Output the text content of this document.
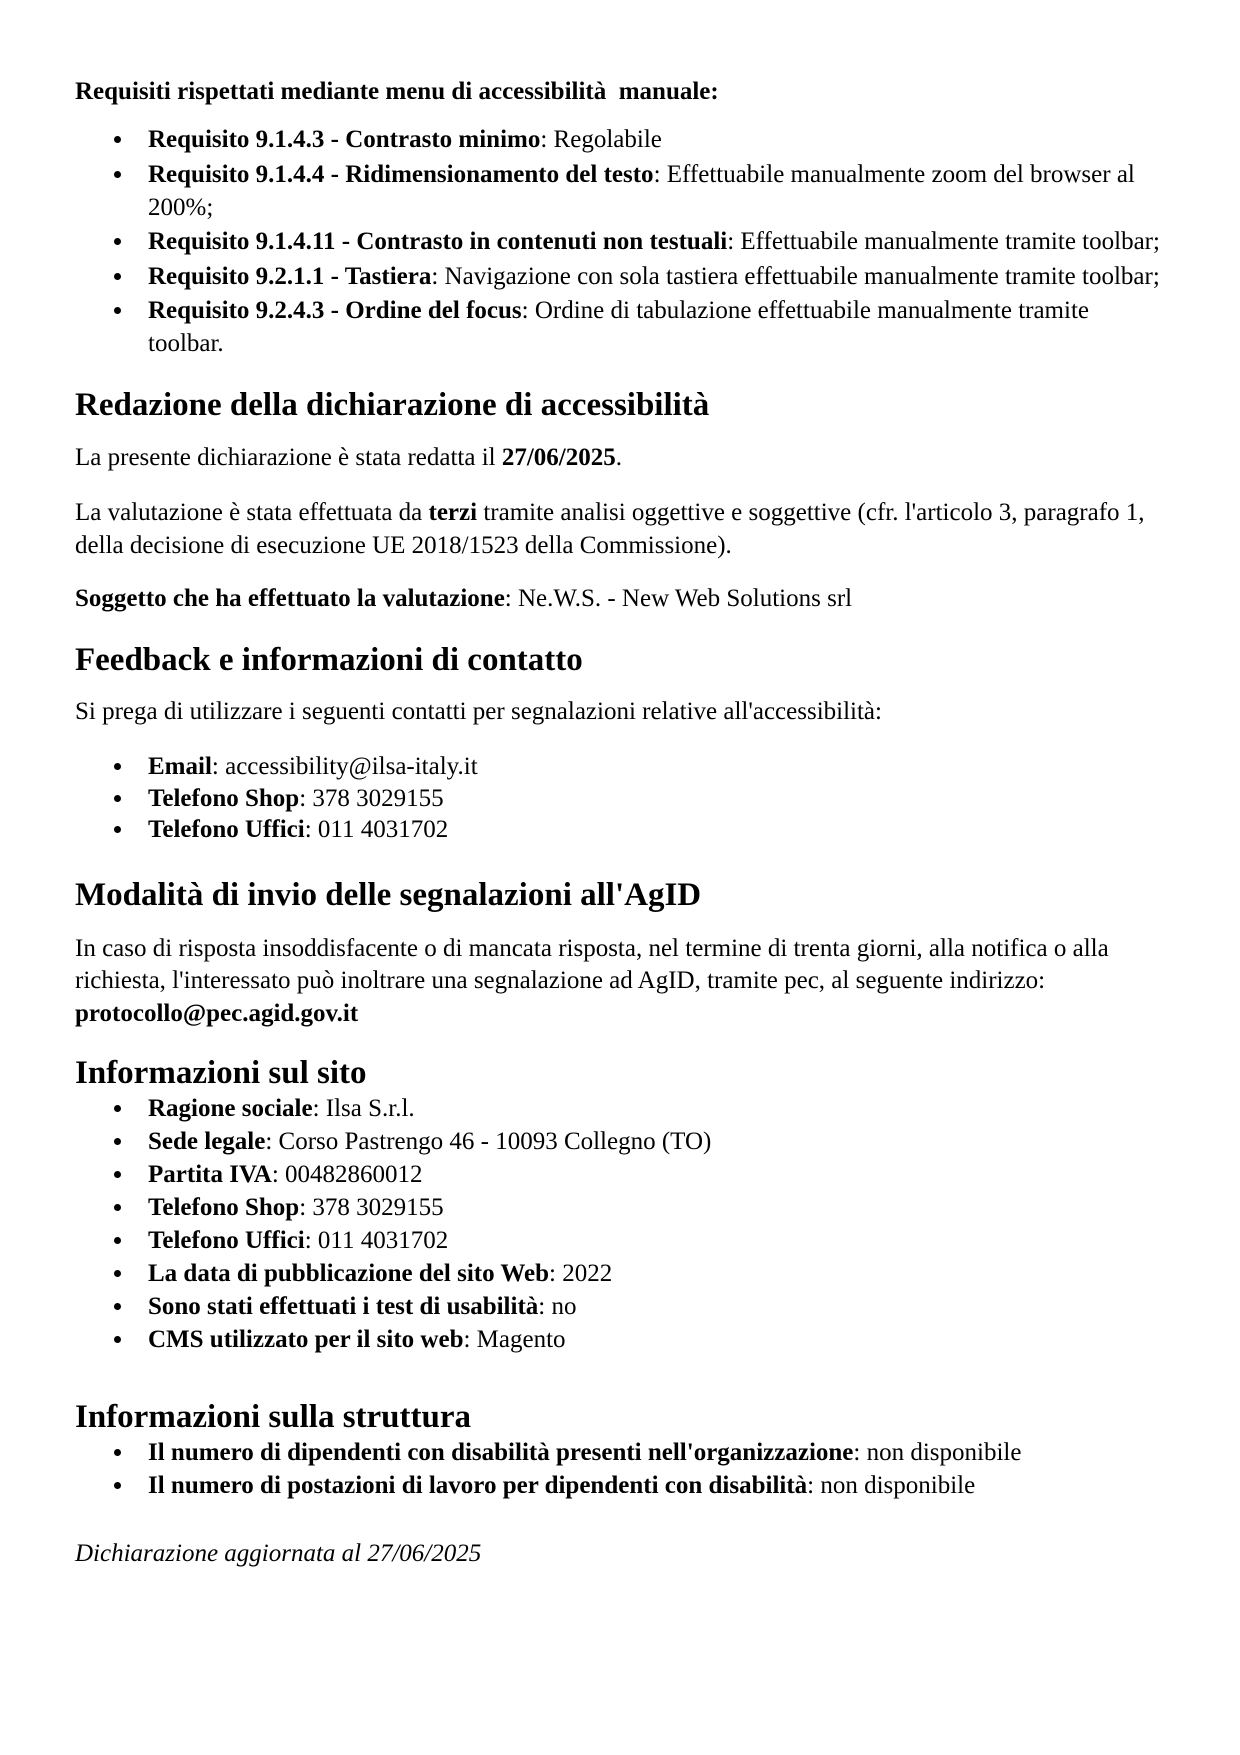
Requisiti rispettati mediante menu di accessibilità  manuale:

Requisito 9.1.4.3 - Contrasto minimo: Regolabile
Requisito 9.1.4.4 - Ridimensionamento del testo: Effettuabile manualmente zoom del browser al 200%;
Requisito 9.1.4.11 - Contrasto in contenuti non testuali: Effettuabile manualmente tramite toolbar;
Requisito 9.2.1.1 - Tastiera: Navigazione con sola tastiera effettuabile manualmente tramite toolbar;
Requisito 9.2.4.3 - Ordine del focus: Ordine di tabulazione effettuabile manualmente tramite toolbar.
Redazione della dichiarazione di accessibilità

La presente dichiarazione è stata redatta il 27/06/2025.

La valutazione è stata effettuata da terzi tramite analisi oggettive e soggettive (cfr. l'articolo 3, paragrafo 1, della decisione di esecuzione UE 2018/1523 della Commissione).

Soggetto che ha effettuato la valutazione: Ne.W.S. - New Web Solutions srl

Feedback e informazioni di contatto

Si prega di utilizzare i seguenti contatti per segnalazioni relative all'accessibilità:

Email: accessibility@ilsa-italy.it
Telefono Shop: 378 3029155
Telefono Uffici: 011 4031702
Modalità di invio delle segnalazioni all'AgID

In caso di risposta insoddisfacente o di mancata risposta, nel termine di trenta giorni, alla notifica o alla richiesta, l'interessato può inoltrare una segnalazione ad AgID, tramite pec, al seguente indirizzo: protocollo@pec.agid.gov.it

Informazioni sul sito
Ragione sociale: Ilsa S.r.l.
Sede legale: Corso Pastrengo 46 - 10093 Collegno (TO)
Partita IVA: 00482860012
Telefono Shop: 378 3029155
Telefono Uffici: 011 4031702
La data di pubblicazione del sito Web: 2022
Sono stati effettuati i test di usabilità: no
CMS utilizzato per il sito web: Magento
Informazioni sulla struttura
Il numero di dipendenti con disabilità presenti nell'organizzazione: non disponibile
Il numero di postazioni di lavoro per dipendenti con disabilità: non disponibile

Dichiarazione aggiornata al 27/06/2025
